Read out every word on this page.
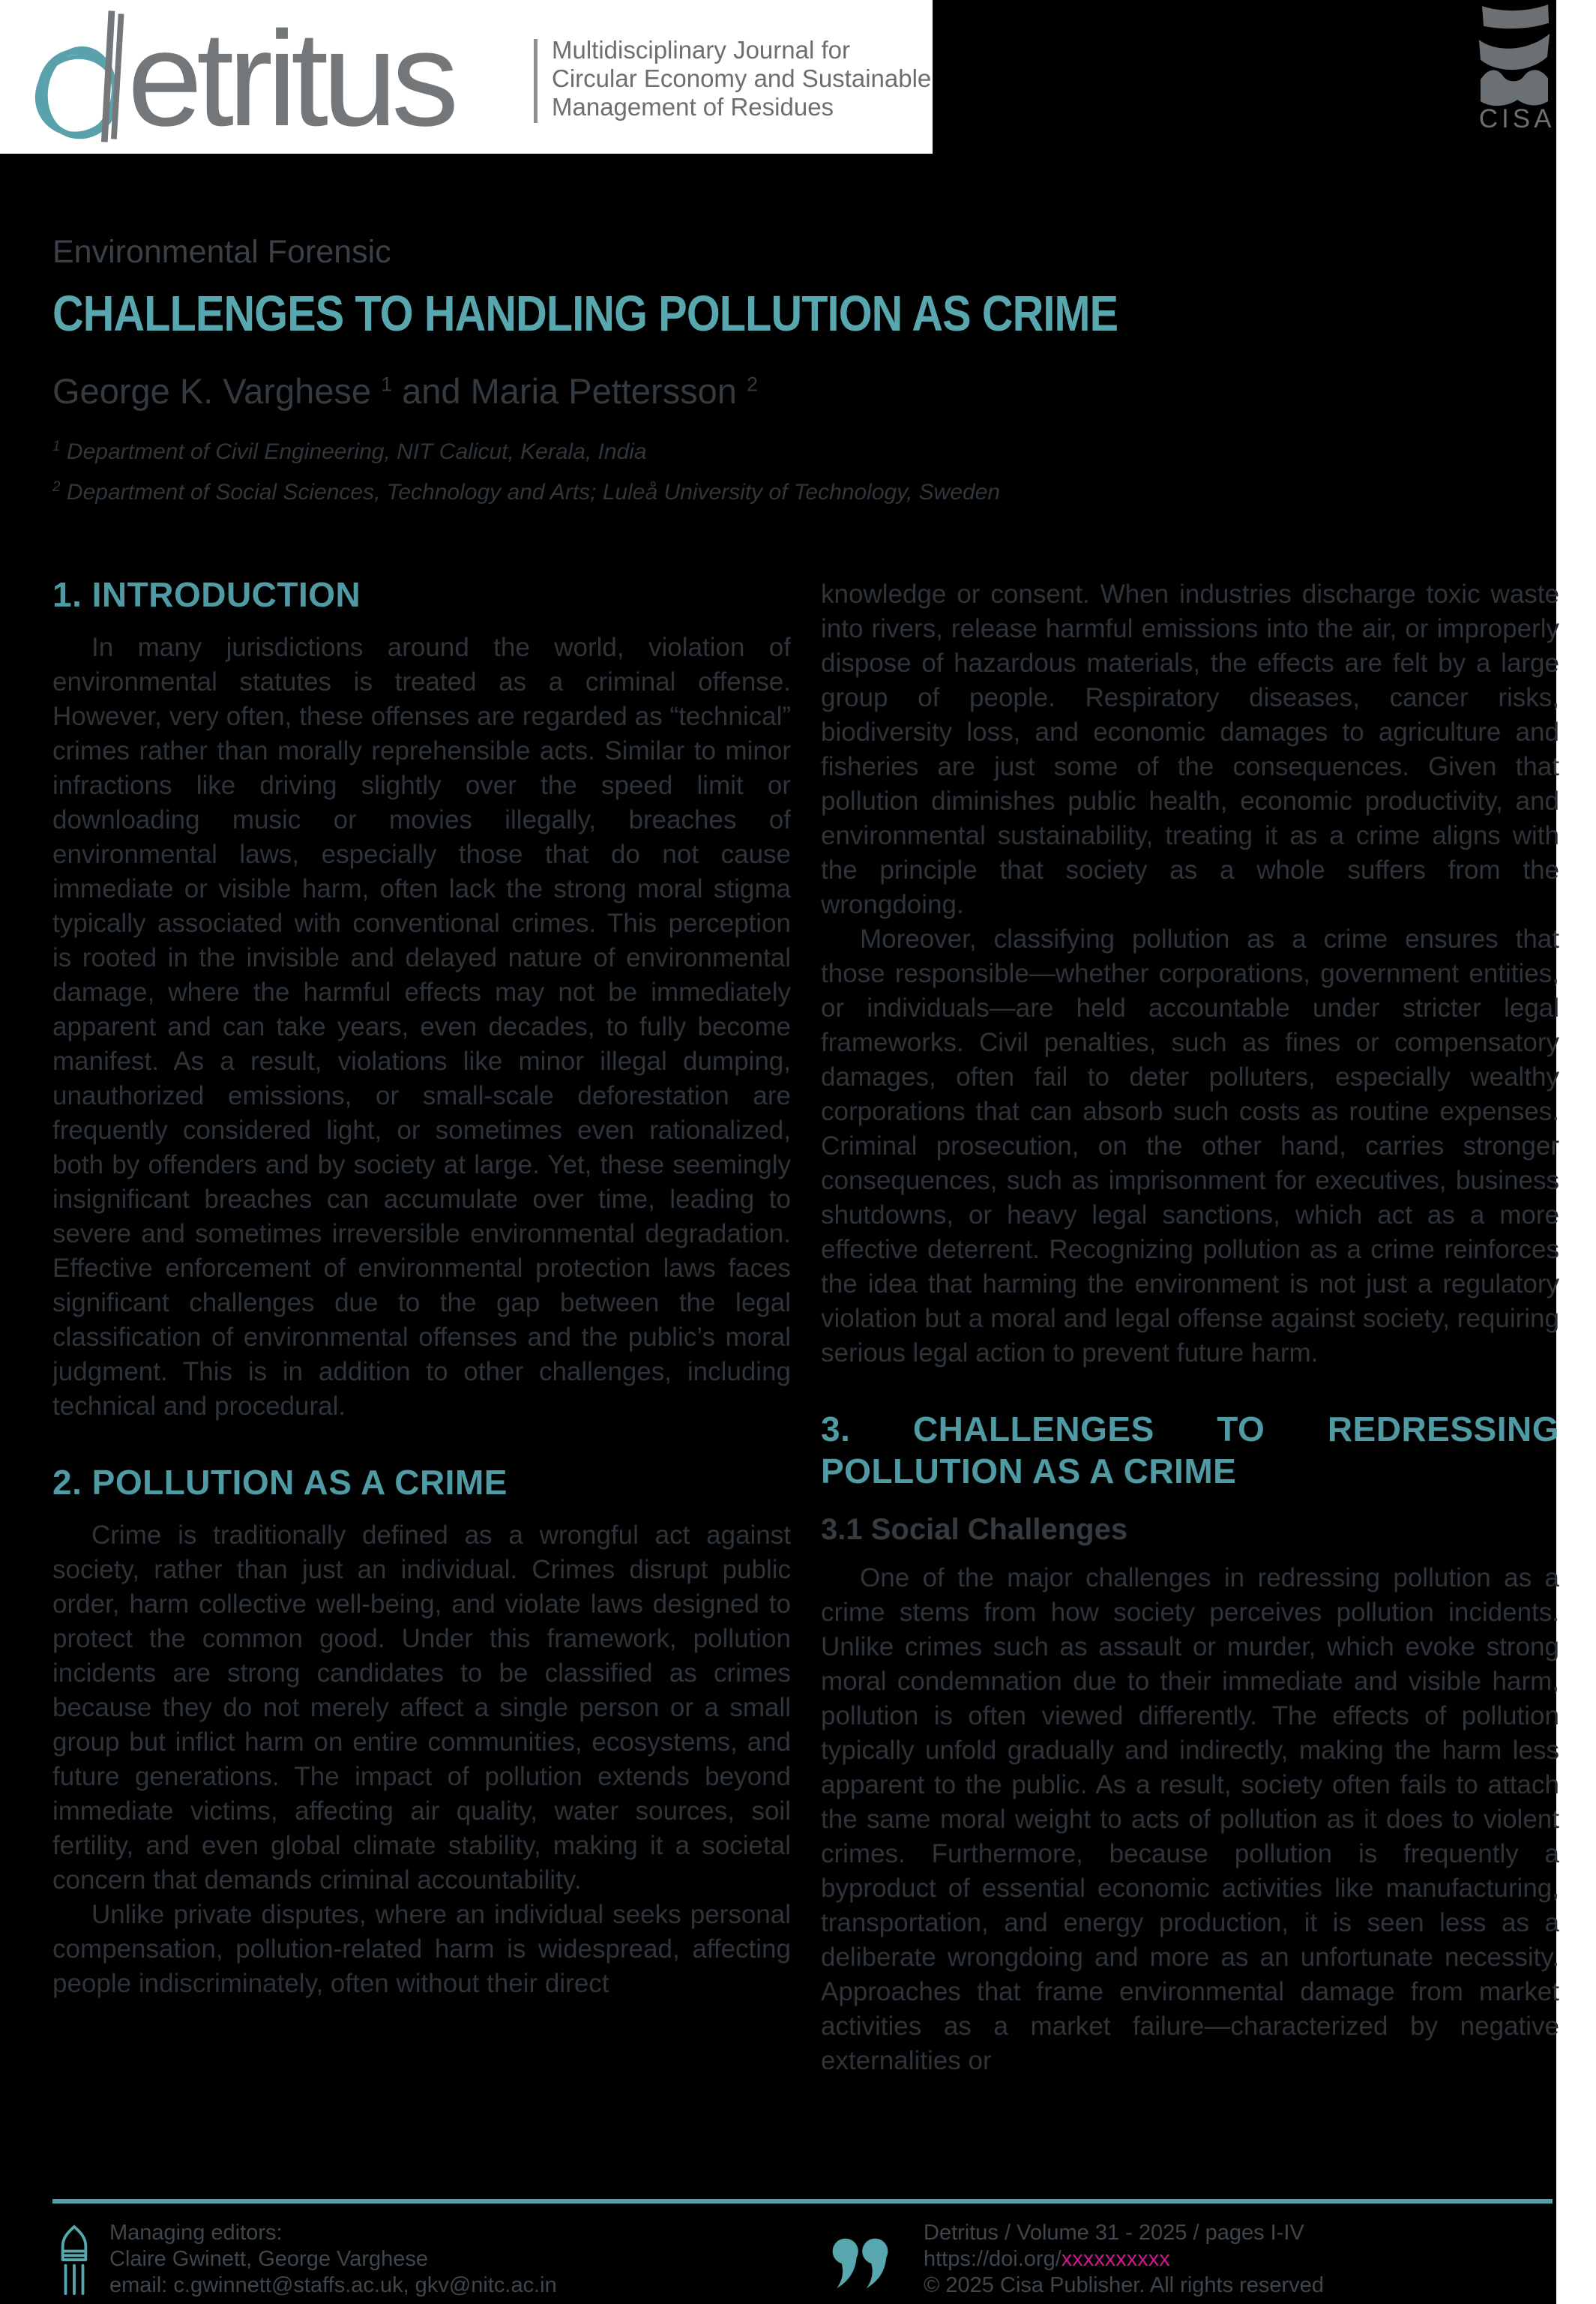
etritus	Multidisciplinary Journal for
Circular Economy and Sustainable
Management of Residues	CISA
Environmental Forensic
CHALLENGES TO HANDLING POLLUTION AS CRIME
George K. Varghese $^1$ and Maria Pettersson $^2$
$^1$ Department of Civil Engineering, NIT Calicut, Kerala, India
$^2$ Department of Social Sciences, Technology and Arts; Luleå University of Technology, Sweden
1. INTRODUCTION

In many jurisdictions around the world, violation of environmental statutes is treated as a criminal offense. However, very often, these offenses are regarded as “technical” crimes rather than morally reprehensible acts. Similar to minor infractions like driving slightly over the speed limit or downloading music or movies illegally, breaches of environmental laws, especially those that do not cause immediate or visible harm, often lack the strong moral stigma typically associated with conventional crimes. This perception is rooted in the invisible and delayed nature of environmental damage, where the harmful effects may not be immediately apparent and can take years, even decades, to fully become manifest. As a result, violations like minor illegal dumping, unauthorized emissions, or small-scale deforestation are frequently considered light, or sometimes even rationalized, both by offenders and by society at large. Yet, these seemingly insignificant breaches can accumulate over time, leading to severe and sometimes irreversible environmental degradation. Effective enforcement of environmental protection laws faces significant challenges due to the gap between the legal classification of environmental offenses and the public’s moral judgment. This is in addition to other challenges, including technical and procedural.

2. POLLUTION AS A CRIME

Crime is traditionally defined as a wrongful act against society, rather than just an individual. Crimes disrupt public order, harm collective well-being, and violate laws designed to protect the common good. Under this framework, pollution incidents are strong candidates to be classified as crimes because they do not merely affect a single person or a small group but inflict harm on entire communities, ecosystems, and future generations. The impact of pollution extends beyond immediate victims, affecting air quality, water sources, soil fertility, and even global climate stability, making it a societal concern that demands criminal accountability.

Unlike private disputes, where an individual seeks personal compensation, pollution-related harm is widespread, affecting people indiscriminately, often without their direct

knowledge or consent. When industries discharge toxic waste into rivers, release harmful emissions into the air, or improperly dispose of hazardous materials, the effects are felt by a large group of people. Respiratory diseases, cancer risks, biodiversity loss, and economic damages to agriculture and fisheries are just some of the consequences. Given that pollution diminishes public health, economic productivity, and environmental sustainability, treating it as a crime aligns with the principle that society as a whole suffers from the wrongdoing.

Moreover, classifying pollution as a crime ensures that those responsible—whether corporations, government entities, or individuals—are held accountable under stricter legal frameworks. Civil penalties, such as fines or compensatory damages, often fail to deter polluters, especially wealthy corporations that can absorb such costs as routine expenses. Criminal prosecution, on the other hand, carries stronger consequences, such as imprisonment for executives, business shutdowns, or heavy legal sanctions, which act as a more effective deterrent. Recognizing pollution as a crime reinforces the idea that harming the environment is not just a regulatory violation but a moral and legal offense against society, requiring serious legal action to prevent future harm.

3. CHALLENGES TO REDRESSING POLLUTION AS A CRIME
3.1 Social Challenges

One of the major challenges in redressing pollution as a crime stems from how society perceives pollution incidents. Unlike crimes such as assault or murder, which evoke strong moral condemnation due to their immediate and visible harm, pollution is often viewed differently. The effects of pollution typically unfold gradually and indirectly, making the harm less apparent to the public. As a result, society often fails to attach the same moral weight to acts of pollution as it does to violent crimes. Furthermore, because pollution is frequently a byproduct of essential economic activities like manufacturing, transportation, and energy production, it is seen less as a deliberate wrongdoing and more as an unfortunate necessity. Approaches that frame environmental damage from market activities as a market failure—characterized by negative externalities or

Managing editors:
Claire Gwinett, George Varghese
email: c.gwinnett@staffs.ac.uk, gkv@nitc.ac.in
Detritus / Volume 31 - 2025 / pages I-IV
https://doi.org/xxxxxxxxxx
© 2025 Cisa Publisher. All rights reserved
